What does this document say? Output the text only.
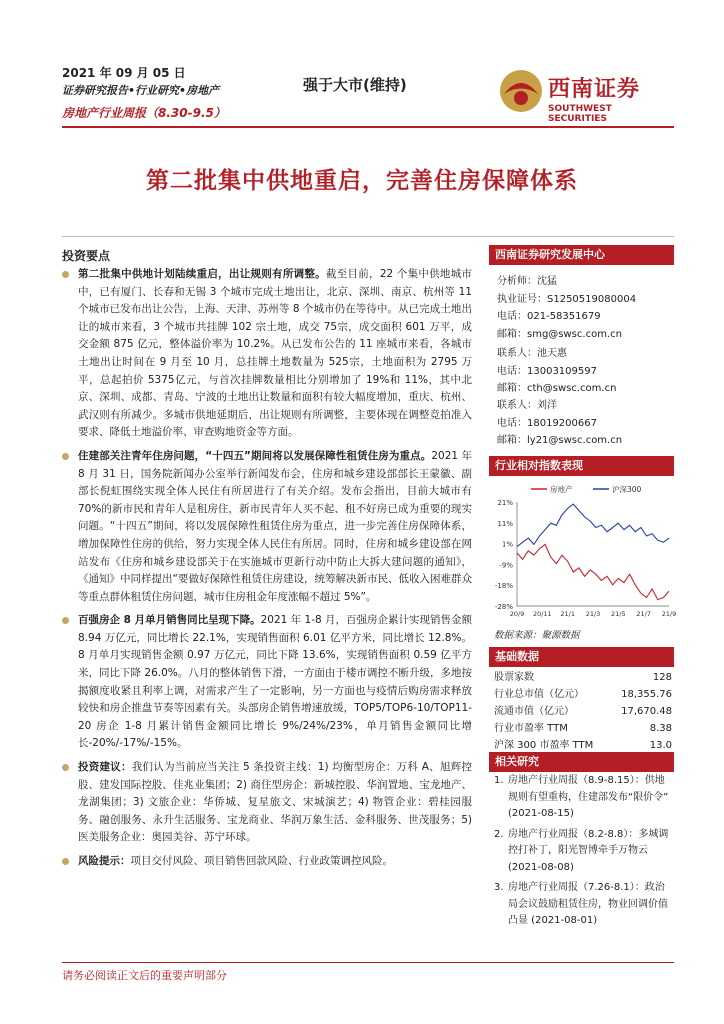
2021 年 09 月 05 日
证券研究报告•行业研究•房地产
房地产行业周报（8.30-9.5）
强于大市(维持)	西南证券
SOUTHWEST SECURITIES
第二批集中供地重启，完善住房保障体系
投资要点
第二批集中供地计划陆续重启，出让规则有所调整。截至目前，22 个集中供地城市中，已有厦门、长春和无锡 3 个城市完成土地出让，北京、深圳、南京、杭州等 11 个城市已发布出让公告，上海、天津、苏州等 8 个城市仍在等待中。从已完成土地出让的城市来看，3 个城市共挂牌 102 宗土地，成交 75宗，成交面积 601 万平，成交金额 875 亿元，整体溢价率为 10.2%。从已发布公告的 11 座城市来看，各城市土地出让时间在 9 月至 10 月，总挂牌土地数量为 525宗，土地面积为 2795 万平，总起拍价 5375亿元，与首次挂牌数量相比分别增加了 19%和 11%，其中北京、深圳、成都、青岛、宁波的土地出让数量和面积有较大幅度增加，重庆、杭州、武汉则有所减少。多城市供地延期后，出让规则有所调整，主要体现在调整竞拍准入要求、降低土地溢价率、审查购地资金等方面。
住建部关注青年住房问题，“十四五”期间将以发展保障性租赁住房为重点。2021 年 8 月 31 日，国务院新闻办公室举行新闻发布会，住房和城乡建设部部长王蒙徽、副部长倪虹围绕实现全体人民住有所居进行了有关介绍。发布会指出，目前大城市有 70%的新市民和青年人是租房住，新市民青年人买不起、租不好房已成为重要的现实问题。“十四五”期间，将以发展保障性租赁住房为重点，进一步完善住房保障体系，增加保障性住房的供给，努力实现全体人民住有所居。同时，住房和城乡建设部在网站发布《住房和城乡建设部关于在实施城市更新行动中防止大拆大建问题的通知》，《通知》中同样提出“要做好保障性租赁住房建设，统筹解决新市民、低收入困难群众等重点群体租赁住房问题，城市住房租金年度涨幅不超过 5%”。
百强房企 8 月单月销售同比呈现下降。2021 年 1-8 月，百强房企累计实现销售金额 8.94 万亿元，同比增长 22.1%，实现销售面积 6.01 亿平方米，同比增长 12.8%。8 月单月实现销售金额 0.97 万亿元，同比下降 13.6%，实现销售面积 0.59 亿平方米，同比下降 26.0%。八月的整体销售下滑，一方面由于楼市调控不断升级，多地按揭额度收紧且利率上调，对需求产生了一定影响，另一方面也与疫情后购房需求释放较快和房企推盘节奏等因素有关。头部房企销售增速放缓，TOP5/TOP6-10/TOP11-20 房企 1-8 月累计销售金额同比增长 9%/24%/23%，单月销售金额同比增长-20%/-17%/-15%。
投资建议：我们认为当前应当关注 5 条投资主线：1) 均衡型房企：万科 A、旭辉控股、建发国际控股、佳兆业集团；2) 商住型房企：新城控股、华润置地、宝龙地产、龙湖集团；3) 文旅企业：华侨城、复星旅文、宋城演艺；4) 物管企业：碧桂园服务、融创服务、永升生活服务、宝龙商业、华润万象生活、金科服务、世茂服务；5) 医美服务企业：奥园美谷、苏宁环球。
风险提示：项目交付风险、项目销售回款风险、行业政策调控风险。
西南证券研究发展中心
分析师：沈猛
执业证号：S1250519080004
电话：021-58351679
邮箱：smg@swsc.com.cn
联系人：池天惠
电话：13003109597
邮箱：cth@swsc.com.cn
联系人：刘洋
电话：18019200667
邮箱：ly21@swsc.com.cn
行业相对指数表现
房地产	沪深300
21%
11%
1%
-9%
-18%
-28%
20/9 20/11 21/1 21/3 21/5 21/7 21/9
数据来源：聚源数据
基础数据
股票家数	128
行业总市值（亿元）	18,355.76
流通市值（亿元）	17,670.48
行业市盈率 TTM	8.38
沪深 300 市盈率 TTM	13.0
相关研究
1. 房地产行业周报（8.9-8.15）：供地规则有望重构，住建部发布“限价令” (2021-08-15)
2. 房地产行业周报（8.2-8.8）：多城调控打补丁，阳光智博牵手万物云 (2021-08-08)
3. 房地产行业周报（7.26-8.1）：政治局会议鼓励租赁住房，物业回调价值凸显 (2021-08-01)
请务必阅读正文后的重要声明部分
